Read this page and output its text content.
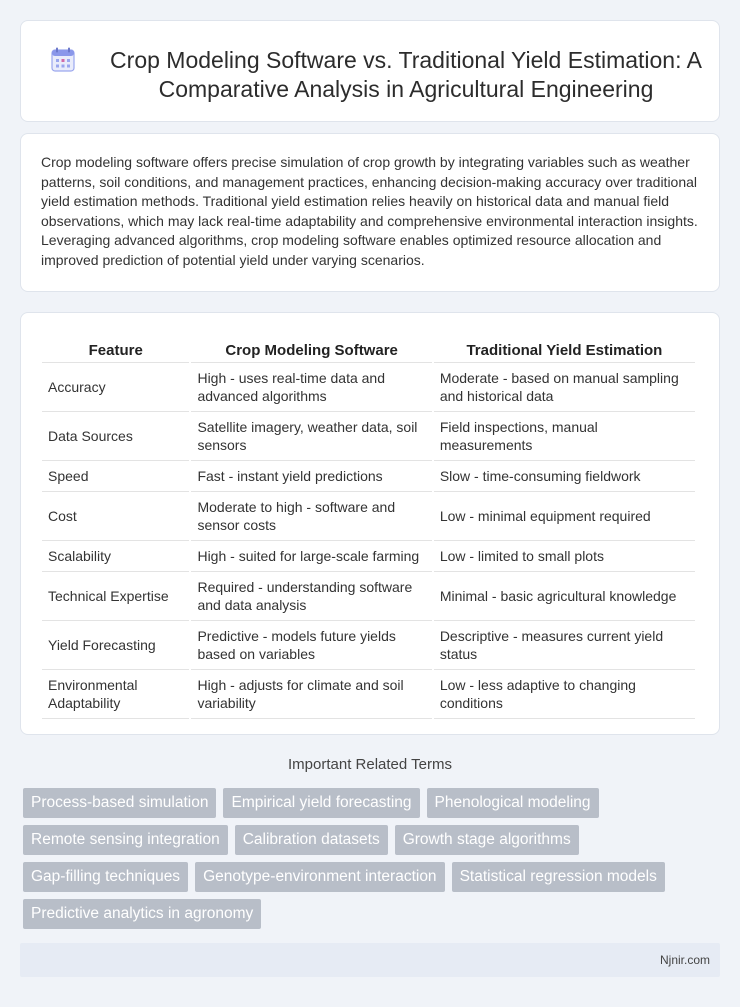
Crop Modeling Software vs. Traditional Yield Estimation: A Comparative Analysis in Agricultural Engineering

Crop modeling software offers precise simulation of crop growth by integrating variables such as weather patterns, soil conditions, and management practices, enhancing decision-making accuracy over traditional yield estimation methods. Traditional yield estimation relies heavily on historical data and manual field observations, which may lack real-time adaptability and comprehensive environmental interaction insights. Leveraging advanced algorithms, crop modeling software enables optimized resource allocation and improved prediction of potential yield under varying scenarios.

Feature	Crop Modeling Software	Traditional Yield Estimation
Accuracy	High - uses real-time data and advanced algorithms	Moderate - based on manual sampling and historical data
Data Sources	Satellite imagery, weather data, soil sensors	Field inspections, manual measurements
Speed	Fast - instant yield predictions	Slow - time-consuming fieldwork
Cost	Moderate to high - software and sensor costs	Low - minimal equipment required
Scalability	High - suited for large-scale farming	Low - limited to small plots
Technical Expertise	Required - understanding software and data analysis	Minimal - basic agricultural knowledge
Yield Forecasting	Predictive - models future yields based on variables	Descriptive - measures current yield status
Environmental Adaptability	High - adjusts for climate and soil variability	Low - less adaptive to changing conditions
Important Related Terms
Process-based simulation	Empirical yield forecasting	Phenological modeling
Remote sensing integration	Calibration datasets	Growth stage algorithms
Gap-filling techniques	Genotype-environment interaction	Statistical regression models
Predictive analytics in agronomy
Njnir.com
